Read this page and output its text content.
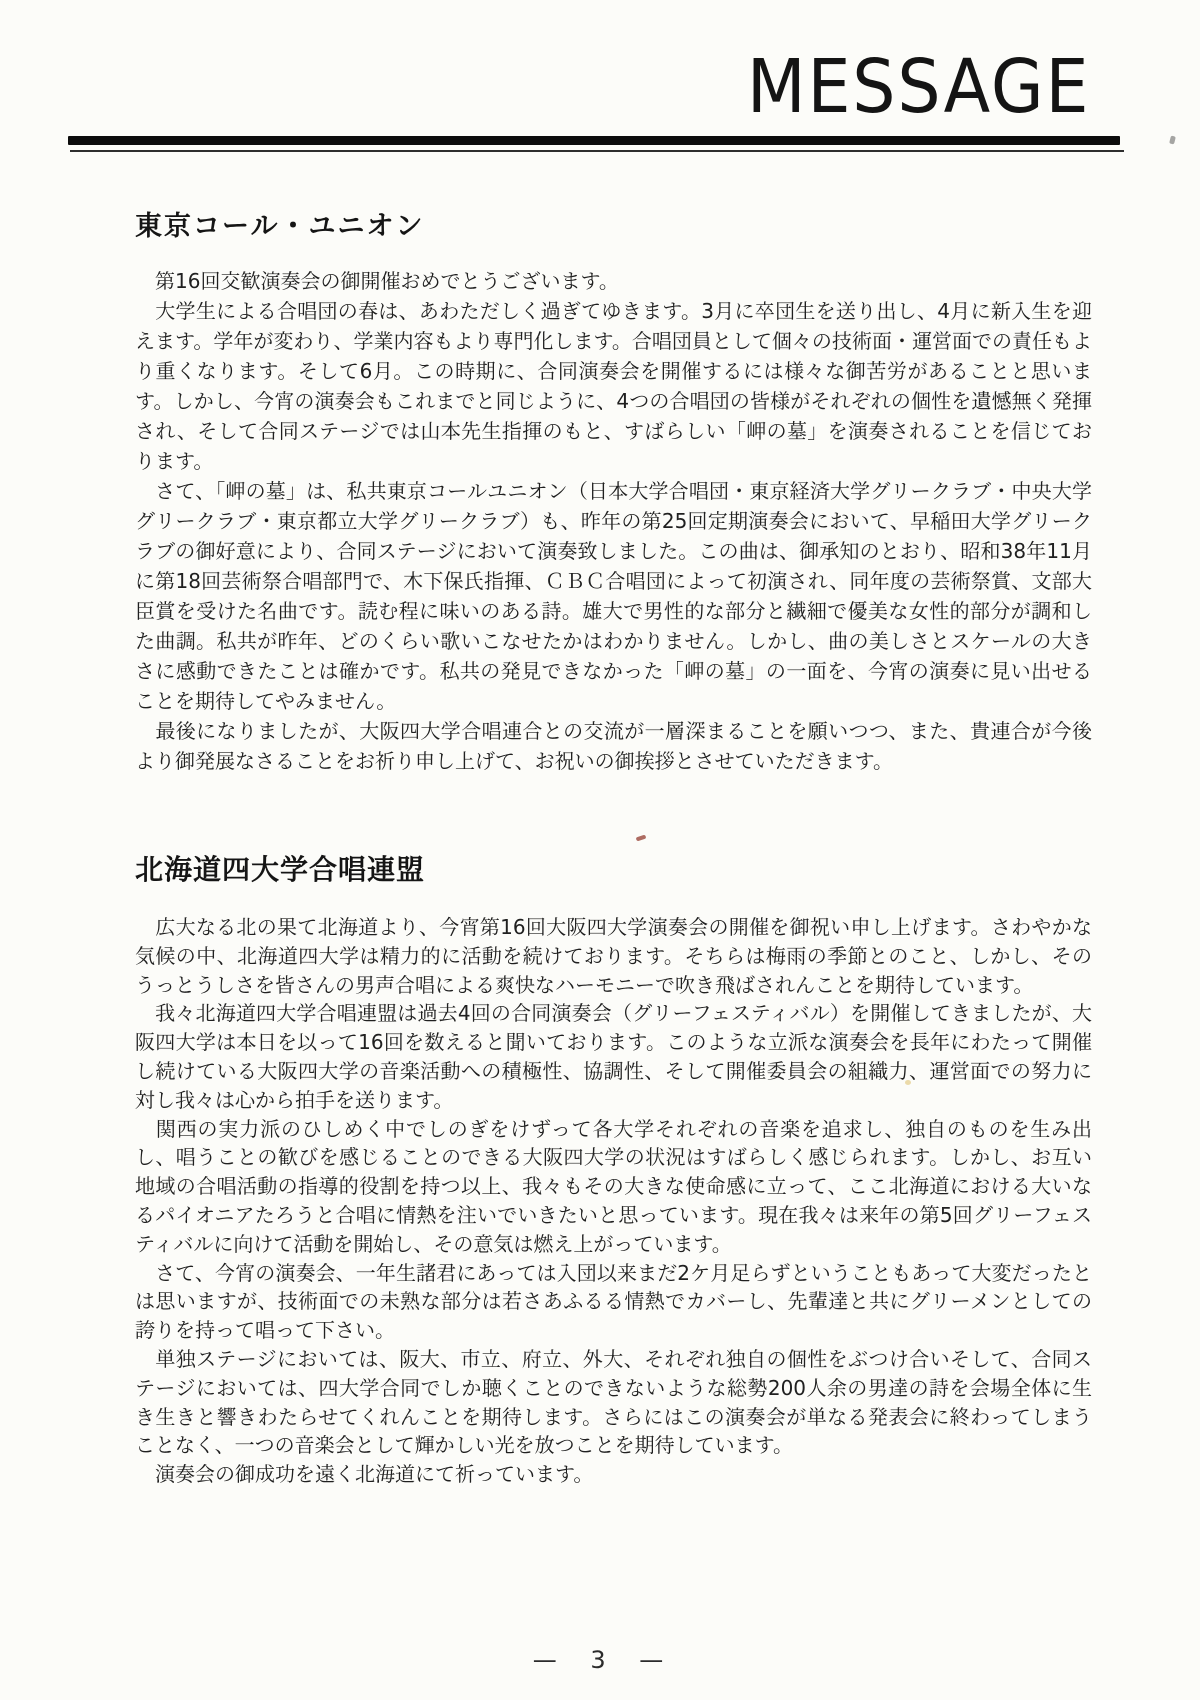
MESSAGE
東京コール・ユニオン

　第16回交歓演奏会の御開催おめでとうございます。

　大学生による合唱団の春は、あわただしく過ぎてゆきます。3月に卒団生を送り出し、4月に新入生を迎えます。学年が変わり、学業内容もより専門化します。合唱団員として個々の技術面・運営面での責任もより重くなります。そして6月。この時期に、合同演奏会を開催するには様々な御苦労があることと思います。しかし、今宵の演奏会もこれまでと同じように、4つの合唱団の皆様がそれぞれの個性を遺憾無く発揮され、そして合同ステージでは山本先生指揮のもと、すばらしい「岬の墓」を演奏されることを信じております。

　さて、「岬の墓」は、私共東京コールユニオン（日本大学合唱団・東京経済大学グリークラブ・中央大学グリークラブ・東京都立大学グリークラブ）も、昨年の第25回定期演奏会において、早稲田大学グリークラブの御好意により、合同ステージにおいて演奏致しました。この曲は、御承知のとおり、昭和38年11月に第18回芸術祭合唱部門で、木下保氏指揮、ＣＢＣ合唱団によって初演され、同年度の芸術祭賞、文部大臣賞を受けた名曲です。読む程に味いのある詩。雄大で男性的な部分と繊細で優美な女性的部分が調和した曲調。私共が昨年、どのくらい歌いこなせたかはわかりません。しかし、曲の美しさとスケールの大きさに感動できたことは確かです。私共の発見できなかった「岬の墓」の一面を、今宵の演奏に見い出せることを期待してやみません。

　最後になりましたが、大阪四大学合唱連合との交流が一層深まることを願いつつ、また、貴連合が今後より御発展なさることをお祈り申し上げて、お祝いの御挨拶とさせていただきます。

北海道四大学合唱連盟

　広大なる北の果て北海道より、今宵第16回大阪四大学演奏会の開催を御祝い申し上げます。さわやかな気候の中、北海道四大学は精力的に活動を続けております。そちらは梅雨の季節とのこと、しかし、そのうっとうしさを皆さんの男声合唱による爽快なハーモニーで吹き飛ばされんことを期待しています。

　我々北海道四大学合唱連盟は過去4回の合同演奏会（グリーフェスティバル）を開催してきましたが、大阪四大学は本日を以って16回を数えると聞いております。このような立派な演奏会を長年にわたって開催し続けている大阪四大学の音楽活動への積極性、協調性、そして開催委員会の組織力、運営面での努力に対し我々は心から拍手を送ります。

　関西の実力派のひしめく中でしのぎをけずって各大学それぞれの音楽を追求し、独自のものを生み出し、唱うことの歓びを感じることのできる大阪四大学の状況はすばらしく感じられます。しかし、お互い地域の合唱活動の指導的役割を持つ以上、我々もその大きな使命感に立って、ここ北海道における大いなるパイオニアたろうと合唱に情熱を注いでいきたいと思っています。現在我々は来年の第5回グリーフェスティバルに向けて活動を開始し、その意気は燃え上がっています。

　さて、今宵の演奏会、一年生諸君にあっては入団以来まだ2ケ月足らずということもあって大変だったとは思いますが、技術面での未熟な部分は若さあふるる情熱でカバーし、先輩達と共にグリーメンとしての誇りを持って唱って下さい。

　単独ステージにおいては、阪大、市立、府立、外大、それぞれ独自の個性をぶつけ合いそして、合同ステージにおいては、四大学合同でしか聴くことのできないような総勢200人余の男達の詩を会場全体に生き生きと響きわたらせてくれんことを期待します。さらにはこの演奏会が単なる発表会に終わってしまうことなく、一つの音楽会として輝かしい光を放つことを期待しています。

　演奏会の御成功を遠く北海道にて祈っています。

— 3 —
